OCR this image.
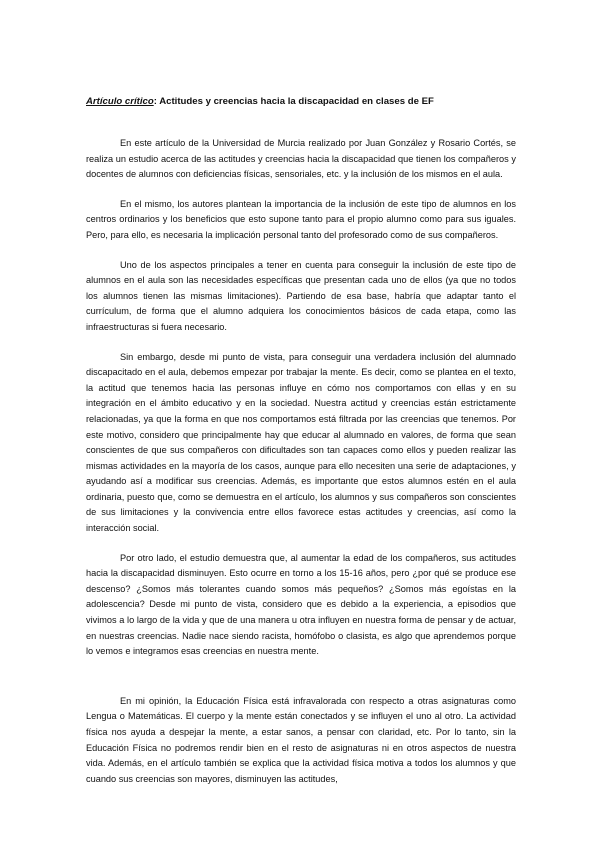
Artículo crítico: Actitudes y creencias hacia la discapacidad en clases de EF

En este artículo de la Universidad de Murcia realizado por Juan González y Rosario Cortés, se realiza un estudio acerca de las actitudes y creencias hacia la discapacidad que tienen los compañeros y docentes de alumnos con deficiencias físicas, sensoriales, etc. y la inclusión de los mismos en el aula.

En el mismo, los autores plantean la importancia de la inclusión de este tipo de alumnos en los centros ordinarios y los beneficios que esto supone tanto para el propio alumno como para sus iguales. Pero, para ello, es necesaria la implicación personal tanto del profesorado como de sus compañeros.

Uno de los aspectos principales a tener en cuenta para conseguir la inclusión de este tipo de alumnos en el aula son las necesidades específicas que presentan cada uno de ellos (ya que no todos los alumnos tienen las mismas limitaciones). Partiendo de esa base, habría que adaptar tanto el currículum, de forma que el alumno adquiera los conocimientos básicos de cada etapa, como las infraestructuras si fuera necesario.

Sin embargo, desde mi punto de vista, para conseguir una verdadera inclusión del alumnado discapacitado en el aula, debemos empezar por trabajar la mente. Es decir, como se plantea en el texto, la actitud que tenemos hacia las personas influye en cómo nos comportamos con ellas y en su integración en el ámbito educativo y en la sociedad. Nuestra actitud y creencias están estrictamente relacionadas, ya que la forma en que nos comportamos está filtrada por las creencias que tenemos. Por este motivo, considero que principalmente hay que educar al alumnado en valores, de forma que sean conscientes de que sus compañeros con dificultades son tan capaces como ellos y pueden realizar las mismas actividades en la mayoría de los casos, aunque para ello necesiten una serie de adaptaciones, y ayudando así a modificar sus creencias. Además, es importante que estos alumnos estén en el aula ordinaria, puesto que, como se demuestra en el artículo, los alumnos y sus compañeros son conscientes de sus limitaciones y la convivencia entre ellos favorece estas actitudes y creencias, así como la interacción social.

Por otro lado, el estudio demuestra que, al aumentar la edad de los compañeros, sus actitudes hacia la discapacidad disminuyen. Esto ocurre en torno a los 15-16 años, pero ¿por qué se produce ese descenso? ¿Somos más tolerantes cuando somos más pequeños? ¿Somos más egoístas en la adolescencia? Desde mi punto de vista, considero que es debido a la experiencia, a episodios que vivimos a lo largo de la vida y que de una manera u otra influyen en nuestra forma de pensar y de actuar, en nuestras creencias. Nadie nace siendo racista, homófobo o clasista, es algo que aprendemos porque lo vemos e integramos esas creencias en nuestra mente.

En mi opinión, la Educación Física está infravalorada con respecto a otras asignaturas como Lengua o Matemáticas. El cuerpo y la mente están conectados y se influyen el uno al otro. La actividad física nos ayuda a despejar la mente, a estar sanos, a pensar con claridad, etc. Por lo tanto, sin la Educación Física no podremos rendir bien en el resto de asignaturas ni en otros aspectos de nuestra vida. Además, en el artículo también se explica que la actividad física motiva a todos los alumnos y que cuando sus creencias son mayores, disminuyen las actitudes,
